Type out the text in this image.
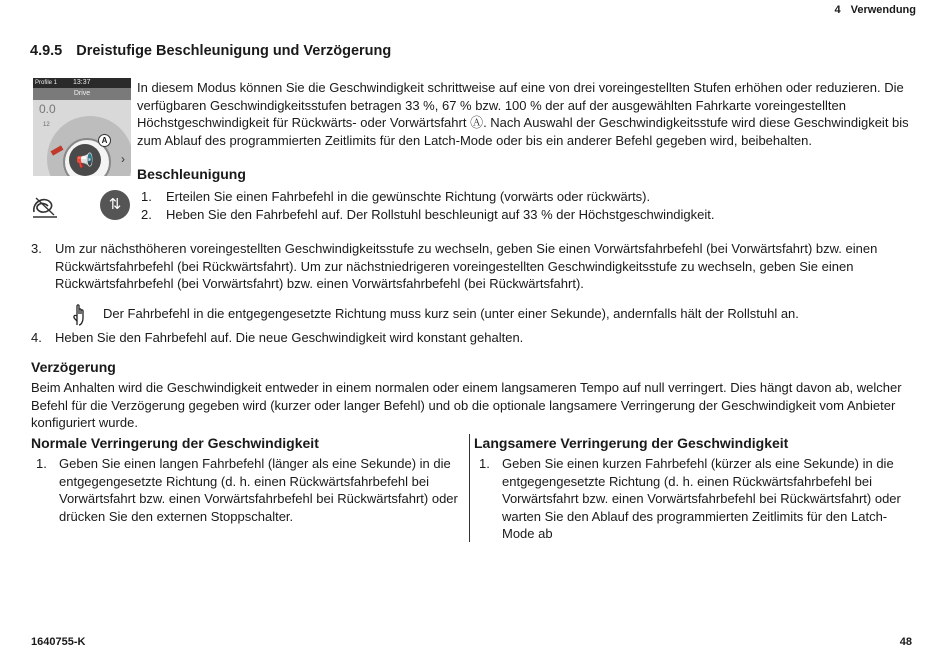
4 Verwendung
4.9.5 Dreistufige Beschleunigung und Verzögerung
Profile 1 13:37
Drive
0.0
12
📢
A
›
⇅
In diesem Modus können Sie die Geschwindigkeit schrittweise auf eine von drei voreingestellten Stufen erhöhen oder reduzieren. Die verfügbaren Geschwindigkeitsstufen betragen 33 %, 67 % bzw. 100 % der auf der ausgewählten Fahrkarte voreingestellten Höchstgeschwindigkeit für Rückwärts- oder Vorwärtsfahrt Ⓐ. Nach Auswahl der Geschwindigkeitsstufe wird diese Geschwindigkeit bis zum Ablauf des programmierten Zeitlimits für den Latch-Mode oder bis ein anderer Befehl gegeben wird, beibehalten.
Beschleunigung
1. Erteilen Sie einen Fahrbefehl in die gewünschte Richtung (vorwärts oder rückwärts).
2. Heben Sie den Fahrbefehl auf. Der Rollstuhl beschleunigt auf 33 % der Höchstgeschwindigkeit.
3. Um zur nächsthöheren voreingestellten Geschwindigkeitsstufe zu wechseln, geben Sie einen Vorwärtsfahrbefehl (bei Vorwärtsfahrt) bzw. einen Rückwärtsfahrbefehl (bei Rückwärtsfahrt). Um zur nächstniedrigeren voreingestellten Geschwindigkeitsstufe zu wechseln, geben Sie einen Rückwärtsfahrbefehl (bei Vorwärtsfahrt) bzw. einen Vorwärtsfahrbefehl (bei Rückwärtsfahrt).
Der Fahrbefehl in die entgegengesetzte Richtung muss kurz sein (unter einer Sekunde), andernfalls hält der Rollstuhl an.
4. Heben Sie den Fahrbefehl auf. Die neue Geschwindigkeit wird konstant gehalten.
Verzögerung
Beim Anhalten wird die Geschwindigkeit entweder in einem normalen oder einem langsameren Tempo auf null verringert. Dies hängt davon ab, welcher Befehl für die Verzögerung gegeben wird (kurzer oder langer Befehl) und ob die optionale langsamere Verringerung der Geschwindigkeit vom Anbieter konfiguriert wurde.
Normale Verringerung der Geschwindigkeit
1. Geben Sie einen langen Fahrbefehl (länger als eine Sekunde) in die entgegengesetzte Richtung (d. h. einen Rückwärtsfahrbefehl bei Vorwärtsfahrt bzw. einen Vorwärtsfahrbefehl bei Rückwärtsfahrt) oder drücken Sie den externen Stoppschalter.
Langsamere Verringerung der Geschwindigkeit
1. Geben Sie einen kurzen Fahrbefehl (kürzer als eine Sekunde) in die entgegengesetzte Richtung (d. h. einen Rückwärtsfahrbefehl bei Vorwärtsfahrt bzw. einen Vorwärtsfahrbefehl bei Rückwärtsfahrt) oder warten Sie den Ablauf des programmierten Zeitlimits für den Latch-Mode ab
1640755-K	48
